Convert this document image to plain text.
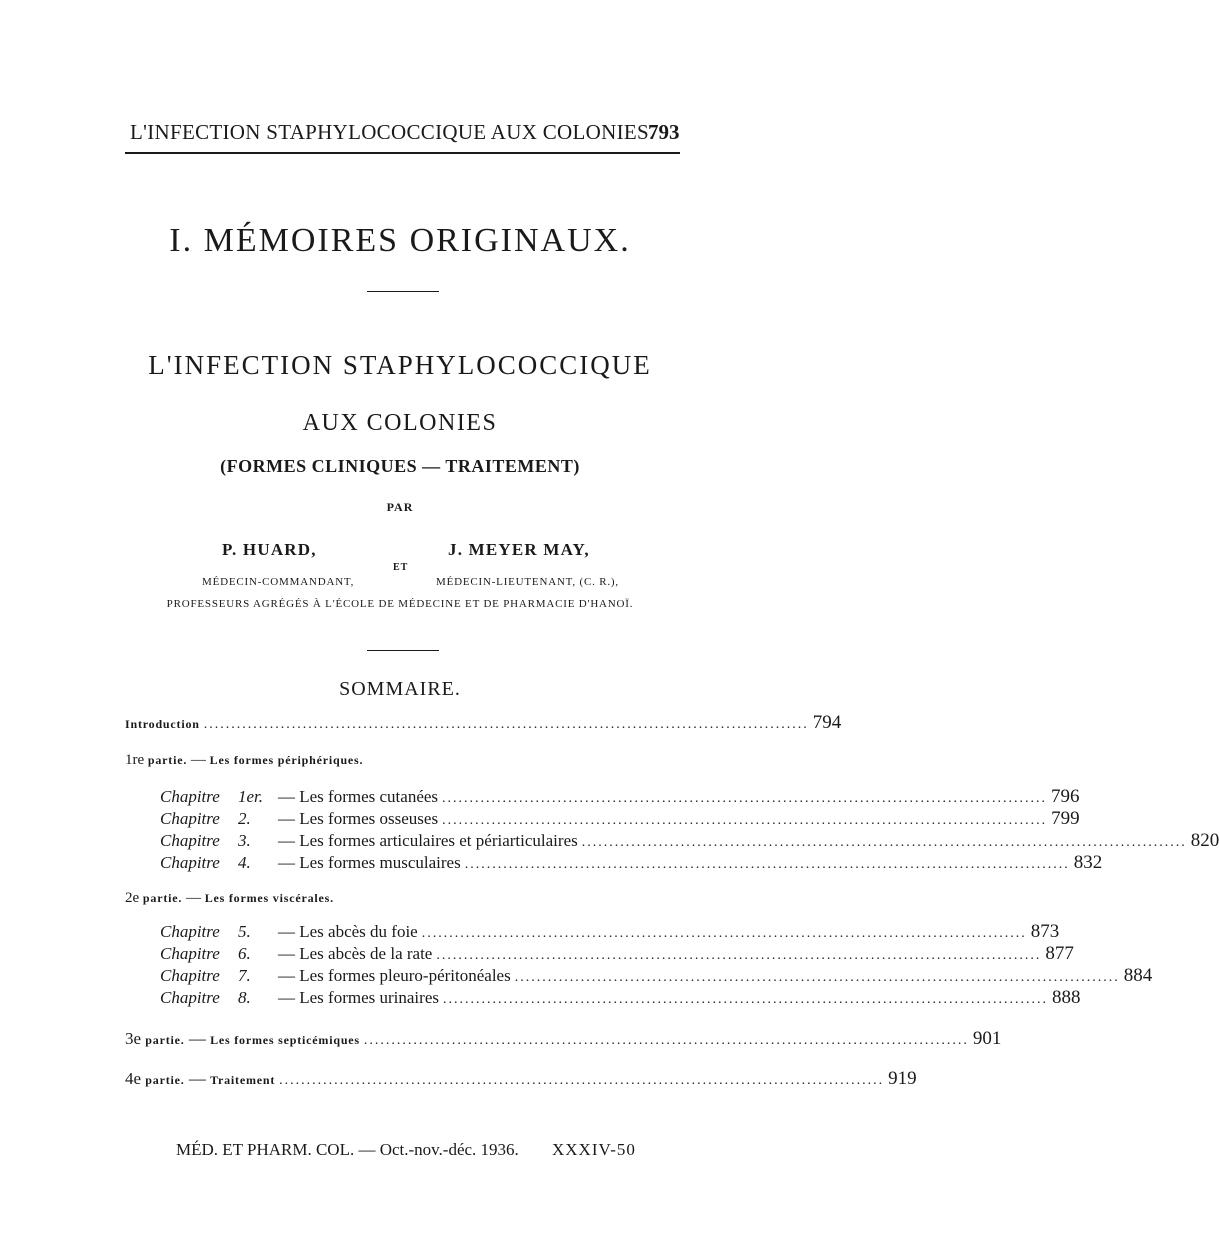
L'INFECTION STAPHYLOCOCCIQUE AUX COLONIES.
793
I. MÉMOIRES ORIGINAUX.
L'INFECTION STAPHYLOCOCCIQUE
AUX COLONIES
(FORMES CLINIQUES — TRAITEMENT)
PAR
P. HUARD,	J. MEYER MAY,
ET
MÉDECIN-COMMANDANT,	MÉDECIN-LIEUTENANT, (C. R.),
PROFESSEURS AGRÉGÉS À L'ÉCOLE DE MÉDECINE ET DE PHARMACIE D'HANOÏ.
SOMMAIRE.
Introduction .............................................................................................................. 794
1re partie. — Les formes périphériques.
Chapitre 1er. — Les formes cutanées .............................................................................................................. 796
Chapitre 2. — Les formes osseuses .............................................................................................................. 799
Chapitre 3. — Les formes articulaires et périarticulaires .............................................................................................................. 820
Chapitre 4. — Les formes musculaires .............................................................................................................. 832
2e partie. — Les formes viscérales.
Chapitre 5. — Les abcès du foie .............................................................................................................. 873
Chapitre 6. — Les abcès de la rate .............................................................................................................. 877
Chapitre 7. — Les formes pleuro-péritonéales .............................................................................................................. 884
Chapitre 8. — Les formes urinaires .............................................................................................................. 888
3e partie. — Les formes septicémiques .............................................................................................................. 901
4e partie. — Traitement .............................................................................................................. 919
MÉD. ET PHARM. COL. — Oct.-nov.-déc. 1936. XXXIV-50
